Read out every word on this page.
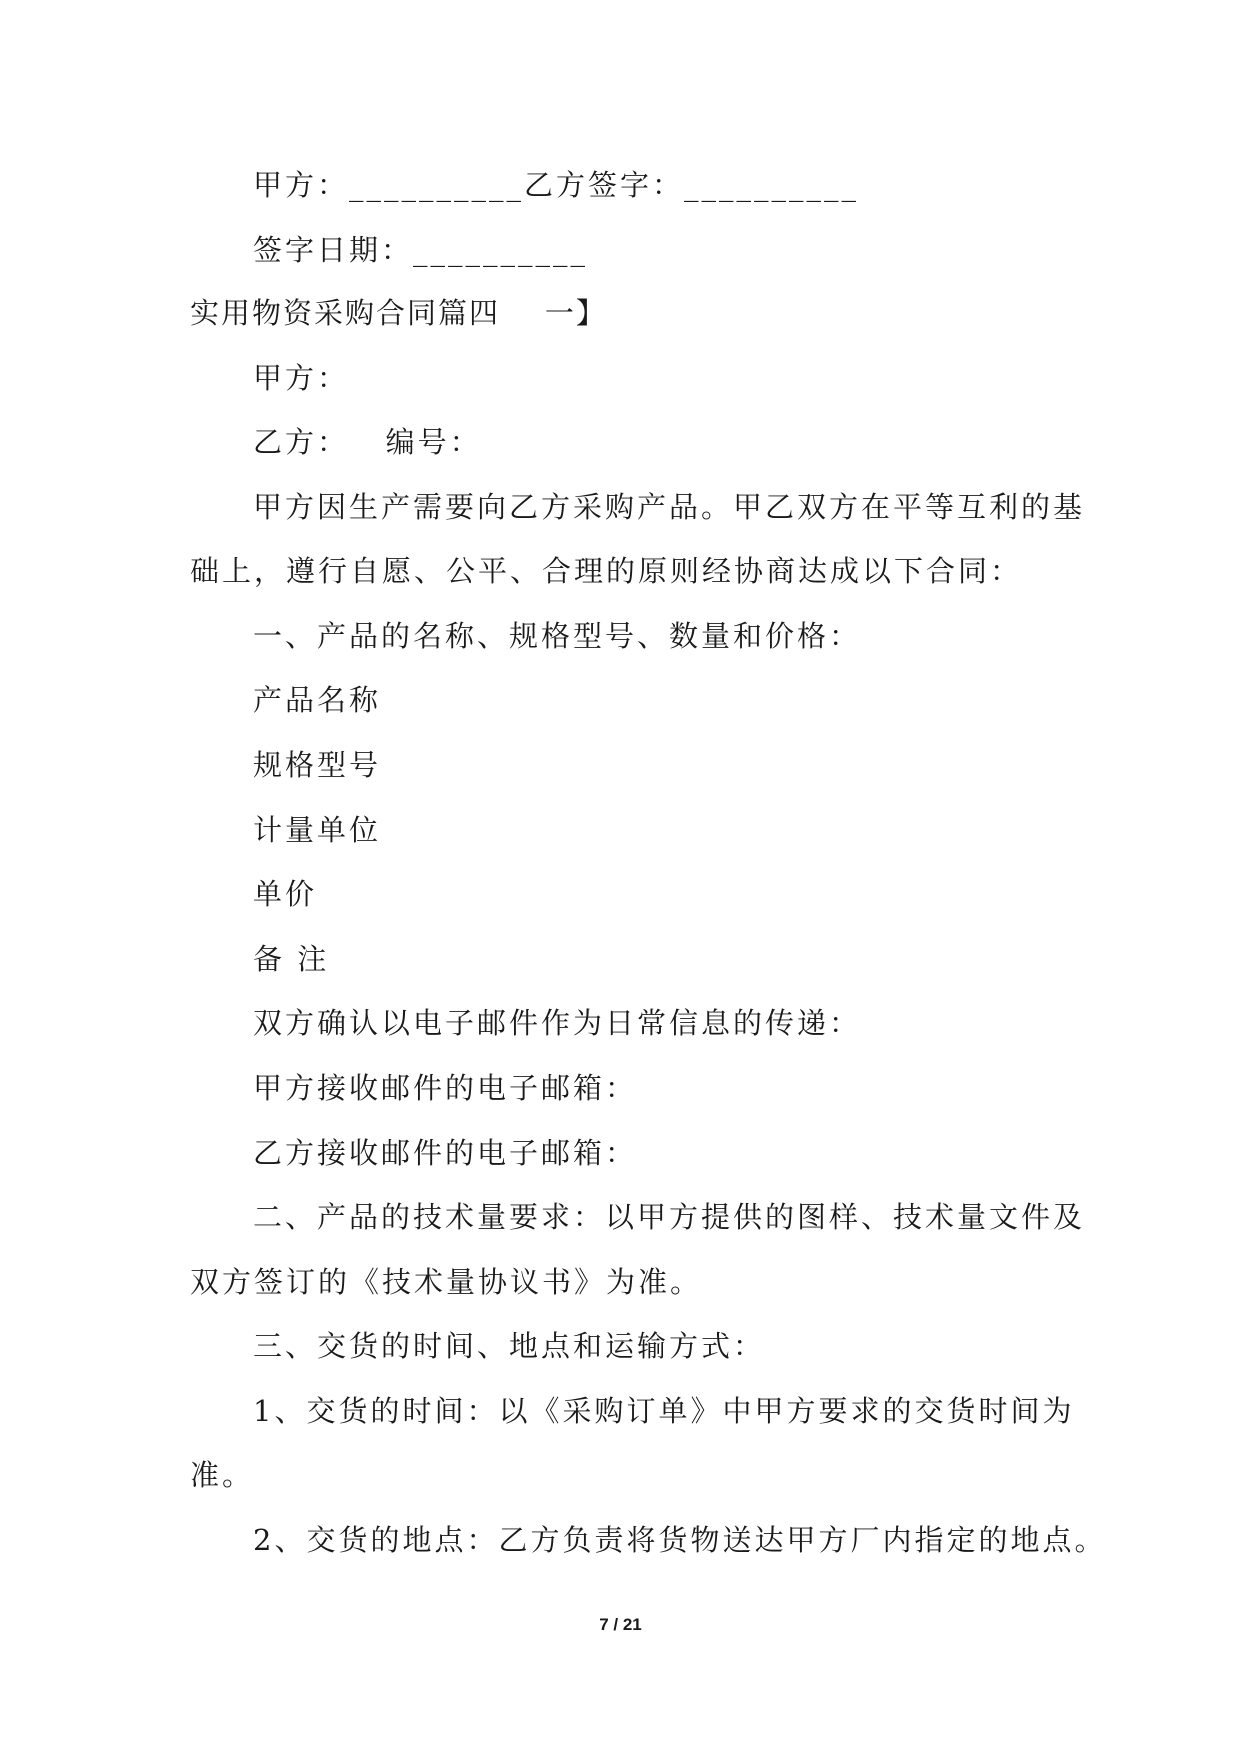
甲方：__________乙方签字：__________
签字日期：__________
实用物资采购合同篇四    一】
甲方：
乙方：   编号：
甲方因生产需要向乙方采购产品。甲乙双方在平等互利的基
础上，遵行自愿、公平、合理的原则经协商达成以下合同：
一、产品的名称、规格型号、数量和价格：
产品名称
规格型号
计量单位
单价
备 注
双方确认以电子邮件作为日常信息的传递：
甲方接收邮件的电子邮箱：
乙方接收邮件的电子邮箱：
二、产品的技术量要求：以甲方提供的图样、技术量文件及
双方签订的《技术量协议书》为准。
三、交货的时间、地点和运输方式：
1、交货的时间：以《采购订单》中甲方要求的交货时间为
准。
2、交货的地点：乙方负责将货物送达甲方厂内指定的地点。
7 / 21
